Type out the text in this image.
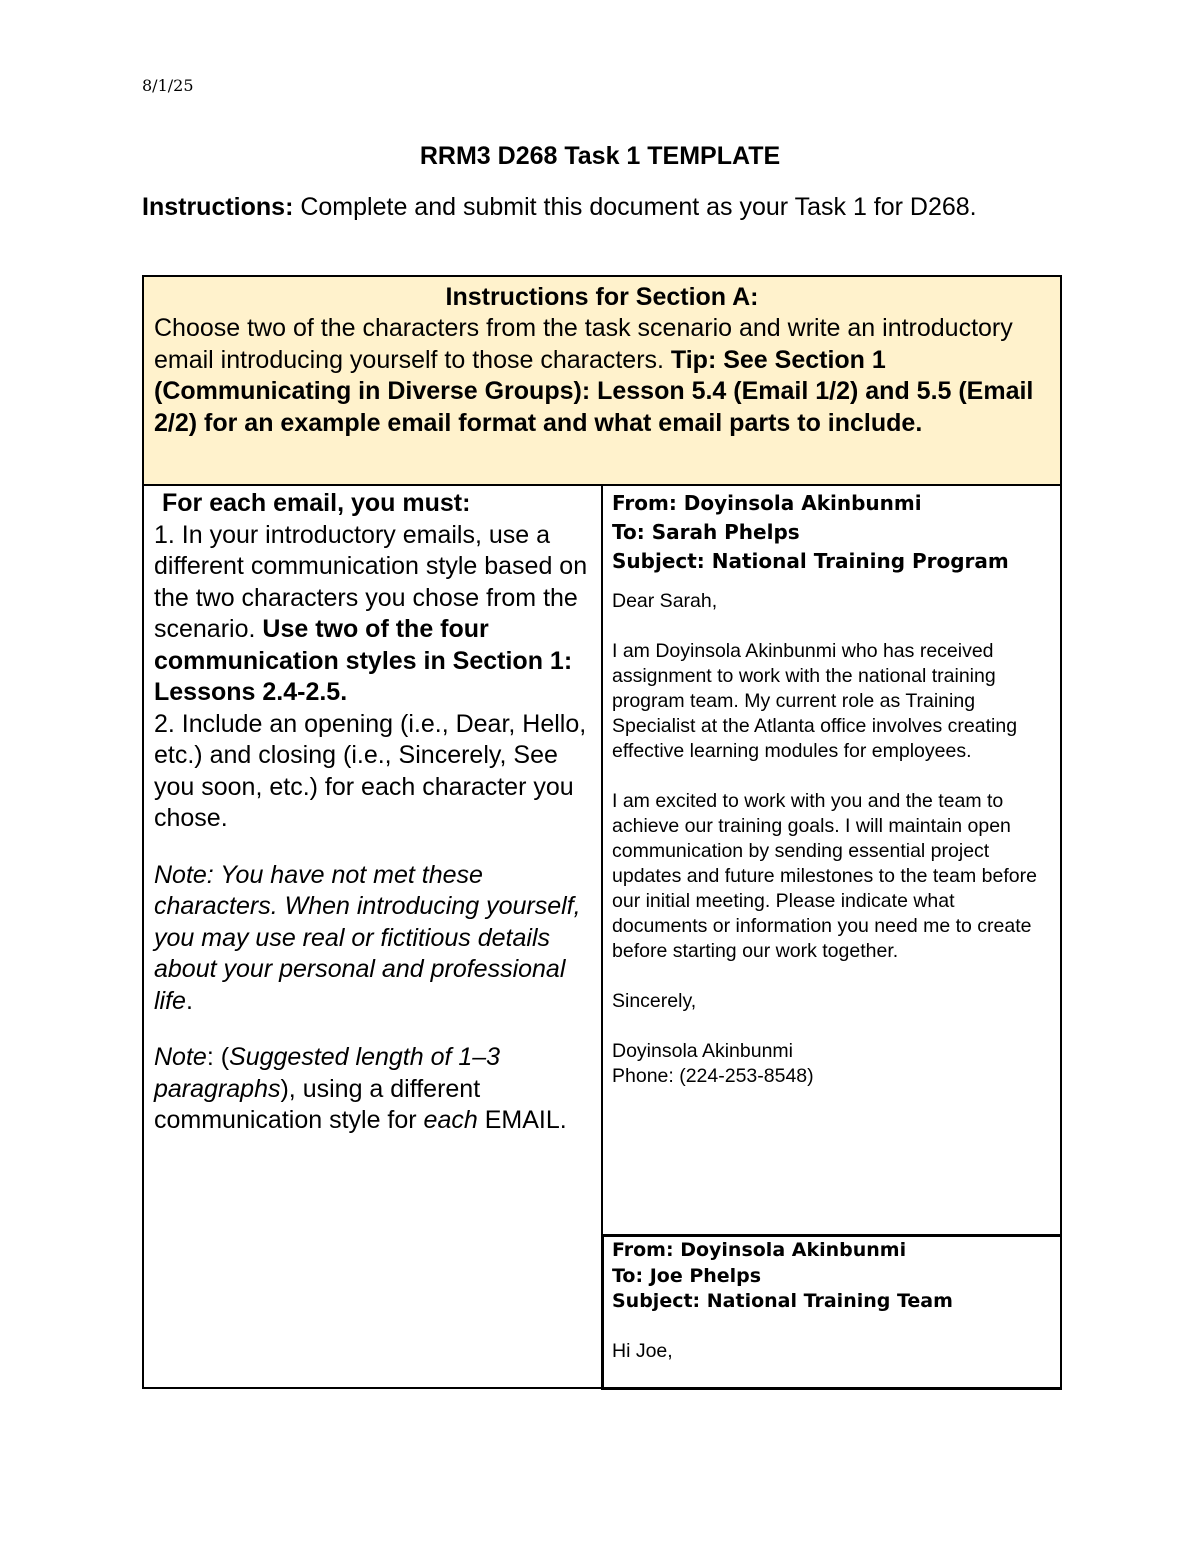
8/1/25
RRM3 D268 Task 1 TEMPLATE
Instructions: Complete and submit this document as your Task 1 for D268.
Instructions for Section A:
Choose two of the characters from the task scenario and write an introductory email introducing yourself to those characters. Tip: See Section 1 (Communicating in Diverse Groups): Lesson 5.4 (Email 1/2) and 5.5 (Email 2/2) for an example email format and what email parts to include.
For each email, you must:

1. In your introductory emails, use a different communication style based on the two characters you chose from the scenario. Use two of the four communication styles in Section 1: Lessons 2.4-2.5.

2. Include an opening (i.e., Dear, Hello, etc.) and closing (i.e., Sincerely, See you soon, etc.) for each character you chose.

Note: You have not met these characters. When introducing yourself, you may use real or fictitious details about your personal and professional life.

Note: (Suggested length of 1–3 paragraphs), using a different communication style for each EMAIL.

From: Doyinsola Akinbunmi
To: Sarah Phelps
Subject: National Training Program

Dear Sarah,

I am Doyinsola Akinbunmi who has received assignment to work with the national training program team. My current role as Training Specialist at the Atlanta office involves creating effective learning modules for employees.

I am excited to work with you and the team to achieve our training goals. I will maintain open communication by sending essential project updates and future milestones to the team before our initial meeting. Please indicate what documents or information you need me to create before starting our work together.

Sincerely,

Doyinsola Akinbunmi

Phone: (224-253-8548)

From: Doyinsola Akinbunmi
To: Joe Phelps
Subject: National Training Team

Hi Joe,
